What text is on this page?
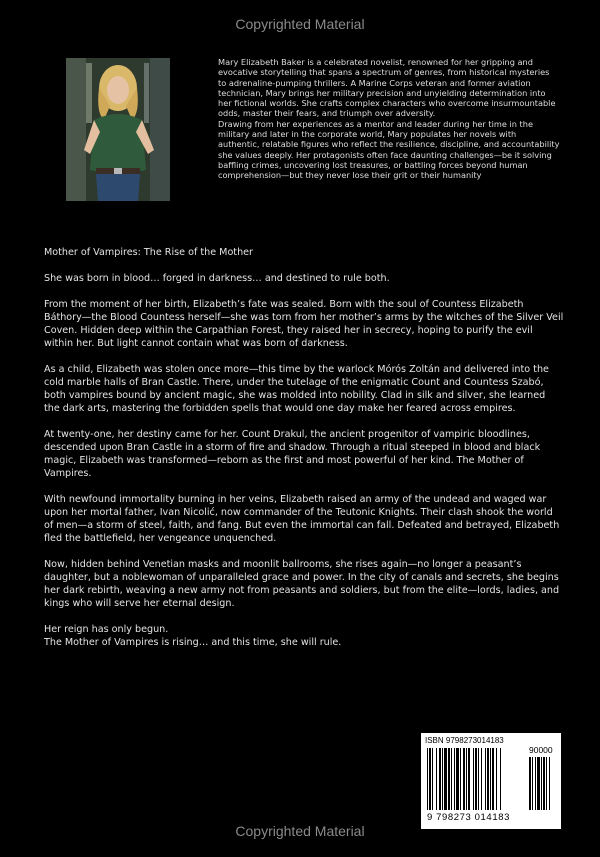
Copyrighted Material

Mary Elizabeth Baker is a celebrated novelist, renowned for her gripping and evocative storytelling that spans a spectrum of genres, from historical mysteries to adrenaline-pumping thrillers. A Marine Corps veteran and former aviation technician, Mary brings her military precision and unyielding determination into her fictional worlds. She crafts complex characters who overcome insurmountable odds, master their fears, and triumph over adversity.

Drawing from her experiences as a mentor and leader during her time in the military and later in the corporate world, Mary populates her novels with authentic, relatable figures who reflect the resilience, discipline, and accountability she values deeply. Her protagonists often face daunting challenges—be it solving baffling crimes, uncovering lost treasures, or battling forces beyond human comprehension—but they never lose their grit or their humanity

Mother of Vampires: The Rise of the Mother

She was born in blood… forged in darkness… and destined to rule both.

From the moment of her birth, Elizabeth’s fate was sealed. Born with the soul of Countess Elizabeth Báthory—the Blood Countess herself—she was torn from her mother’s arms by the witches of the Silver Veil Coven. Hidden deep within the Carpathian Forest, they raised her in secrecy, hoping to purify the evil within her. But light cannot contain what was born of darkness.

As a child, Elizabeth was stolen once more—this time by the warlock Mórós Zoltán and delivered into the cold marble halls of Bran Castle. There, under the tutelage of the enigmatic Count and Countess Szabó, both vampires bound by ancient magic, she was molded into nobility. Clad in silk and silver, she learned the dark arts, mastering the forbidden spells that would one day make her feared across empires.

At twenty-one, her destiny came for her. Count Drakul, the ancient progenitor of vampiric bloodlines, descended upon Bran Castle in a storm of fire and shadow. Through a ritual steeped in blood and black magic, Elizabeth was transformed—reborn as the first and most powerful of her kind. The Mother of Vampires.

With newfound immortality burning in her veins, Elizabeth raised an army of the undead and waged war upon her mortal father, Ivan Nicolić, now commander of the Teutonic Knights. Their clash shook the world of men—a storm of steel, faith, and fang. But even the immortal can fall. Defeated and betrayed, Elizabeth fled the battlefield, her vengeance unquenched.

Now, hidden behind Venetian masks and moonlit ballrooms, she rises again—no longer a peasant’s daughter, but a noblewoman of unparalleled grace and power. In the city of canals and secrets, she begins her dark rebirth, weaving a new army not from peasants and soldiers, but from the elite—lords, ladies, and kings who will serve her eternal design.

Her reign has only begun.

The Mother of Vampires is rising… and this time, she will rule.

ISBN 9798273014183
90000
9 798273 014183
Copyrighted Material
